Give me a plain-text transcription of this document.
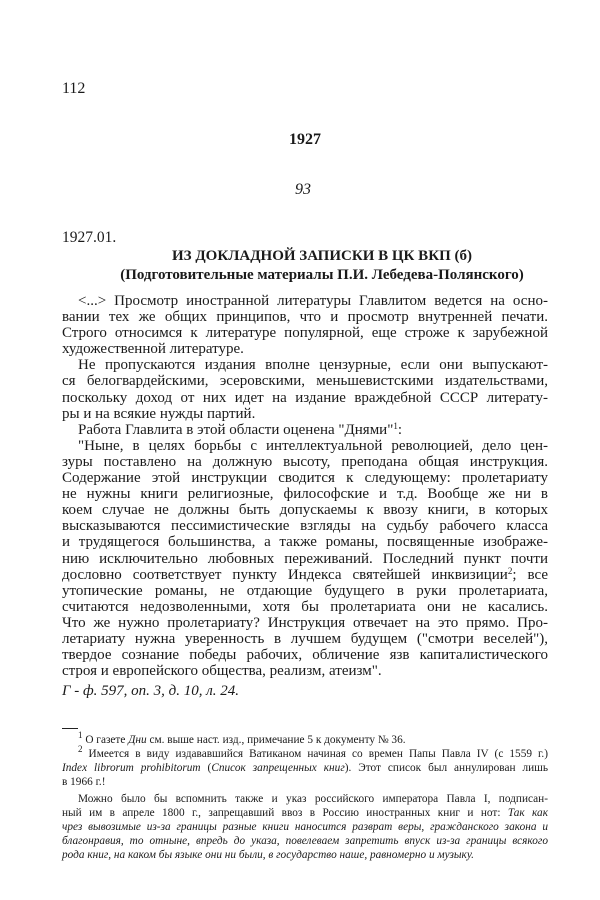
112
1927
93
1927.01.
ИЗ ДОКЛАДНОЙ ЗАПИСКИ В ЦК ВКП (б)
(Подготовительные материалы П.И. Лебедева-Полянского)
<...> Просмотр иностранной литературы Главлитом ведется на осно-
вании тех же общих принципов, что и просмотр внутренней печати.
Строго относимся к литературе популярной, еще строже к зарубежной
художественной литературе.
Не пропускаются издания вполне цензурные, если они выпускают-
ся белогвардейскими, эсеровскими, меньшевистскими издательствами,
поскольку доход от них идет на издание враждебной СССР литерату-
ры и на всякие нужды партий.
Работа Главлита в этой области оценена "Днями"$^1$:
"Ныне, в целях борьбы с интеллектуальной революцией, дело цен-
зуры поставлено на должную высоту, преподана общая инструкция.
Содержание этой инструкции сводится к следующему: пролетариату
не нужны книги религиозные, философские и т.д. Вообще же ни в
коем случае не должны быть допускаемы к ввозу книги, в которых
высказываются пессимистические взгляды на судьбу рабочего класса
и трудящегося большинства, а также романы, посвященные изображе-
нию исключительно любовных переживаний. Последний пункт почти
дословно соответствует пункту Индекса святейшей инквизиции$^2$; все
утопические романы, не отдающие будущего в руки пролетариата,
считаются недозволенными, хотя бы пролетариата они не касались.
Что же нужно пролетариату? Инструкция отвечает на это прямо. Про-
летариату нужна уверенность в лучшем будущем ("смотри веселей"),
твердое сознание победы рабочих, обличение язв капиталистического
строя и европейского общества, реализм, атеизм".
Г - ф. 597, оп. 3, д. 10, л. 24.
$^1$ О газете Дни см. выше наст. изд., примечание 5 к документу № 36.
$^2$ Имеется в виду издававшийся Ватиканом начиная со времен Папы Павла IV (с 1559 г.)
Index librorum prohibitorum (Список запрещенных книг). Этот список был аннулирован лишь
в 1966 г.!
Можно было бы вспомнить также и указ российского императора Павла I, подписан-
ный им в апреле 1800 г., запрещавший ввоз в Россию иностранных книг и нот: Так как
чрез вывозимые из-за границы разные книги наносится разврат веры, гражданского закона и
благонравия, то отныне, впредь до указа, повелеваем запретить впуск из-за границы всякого
рода книг, на каком бы языке они ни были, в государство наше, равномерно и музыку.
